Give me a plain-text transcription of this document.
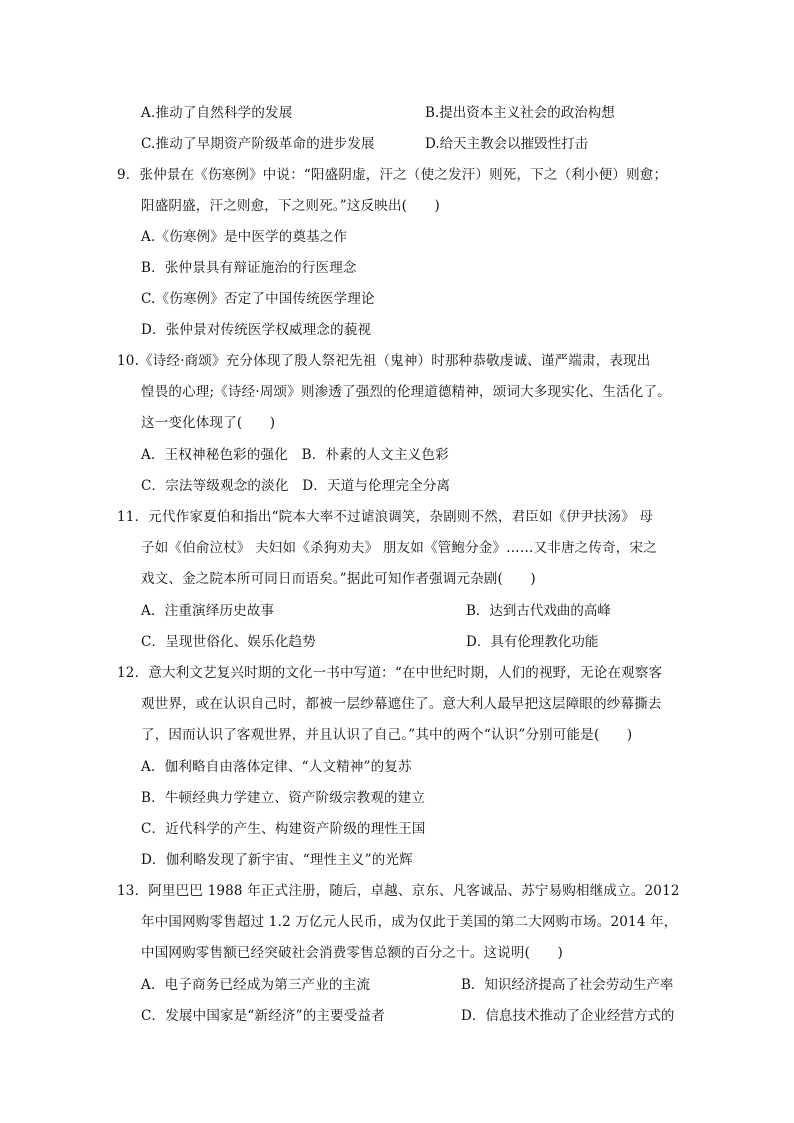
A.推动了自然科学的发展	B.提出资本主义社会的政治构想
C.推动了早期资产阶级革命的进步发展	D.给天主教会以摧毁性打击
9．张仲景在《伤寒例》中说：“阳盛阴虚，汗之（使之发汗）则死，下之（利小便）则愈；
阳盛阴盛，汗之则愈，下之则死。”这反映出(　　)
A.《伤寒例》是中医学的奠基之作
B．张仲景具有辩证施治的行医理念
C.《伤寒例》否定了中国传统医学理论
D．张仲景对传统医学权威理念的藐视
10.《诗经·商颂》充分体现了殷人祭祀先祖（鬼神）时那种恭敬虔诚、谨严端肃，表现出
惶畏的心理;《诗经·周颂》则渗透了强烈的伦理道德精神，颂词大多现实化、生活化了。
这一变化体现了(　　)
A．王权神秘色彩的强化　B．朴素的人文主义色彩
C．宗法等级观念的淡化　D．天道与伦理完全分离
11．元代作家夏伯和指出“院本大率不过谑浪调笑，杂剧则不然，君臣如《伊尹扶汤》 母
子如《伯俞泣杖》 夫妇如《杀狗劝夫》 朋友如《管鲍分金》……又非唐之传奇，宋之
戏文、金之院本所可同日而语矣。”据此可知作者强调元杂剧(　　)
A．注重演绎历史故事	B．达到古代戏曲的高峰
C．呈现世俗化、娱乐化趋势	D．具有伦理教化功能
12．意大利文艺复兴时期的文化一书中写道：“在中世纪时期，人们的视野，无论在观察客
观世界，或在认识自己时，都被一层纱幕遮住了。意大利人最早把这层障眼的纱幕撕去
了，因而认识了客观世界，并且认识了自己。”其中的两个“认识”分别可能是(　　)
A．伽利略自由落体定律、“人文精神”的复苏
B．牛顿经典力学建立、资产阶级宗教观的建立
C．近代科学的产生、构建资产阶级的理性王国
D．伽利略发现了新宇宙、“理性主义”的光辉
13．阿里巴巴 1988 年正式注册，随后，卓越、京东、凡客诚品、苏宁易购相继成立。2012
年中国网购零售超过 1.2 万亿元人民币，成为仅此于美国的第二大网购市场。2014 年，
中国网购零售额已经突破社会消费零售总额的百分之十。这说明(　　)
A．电子商务已经成为第三产业的主流	B．知识经济提高了社会劳动生产率
C．发展中国家是“新经济”的主要受益者	D．信息技术推动了企业经营方式的
